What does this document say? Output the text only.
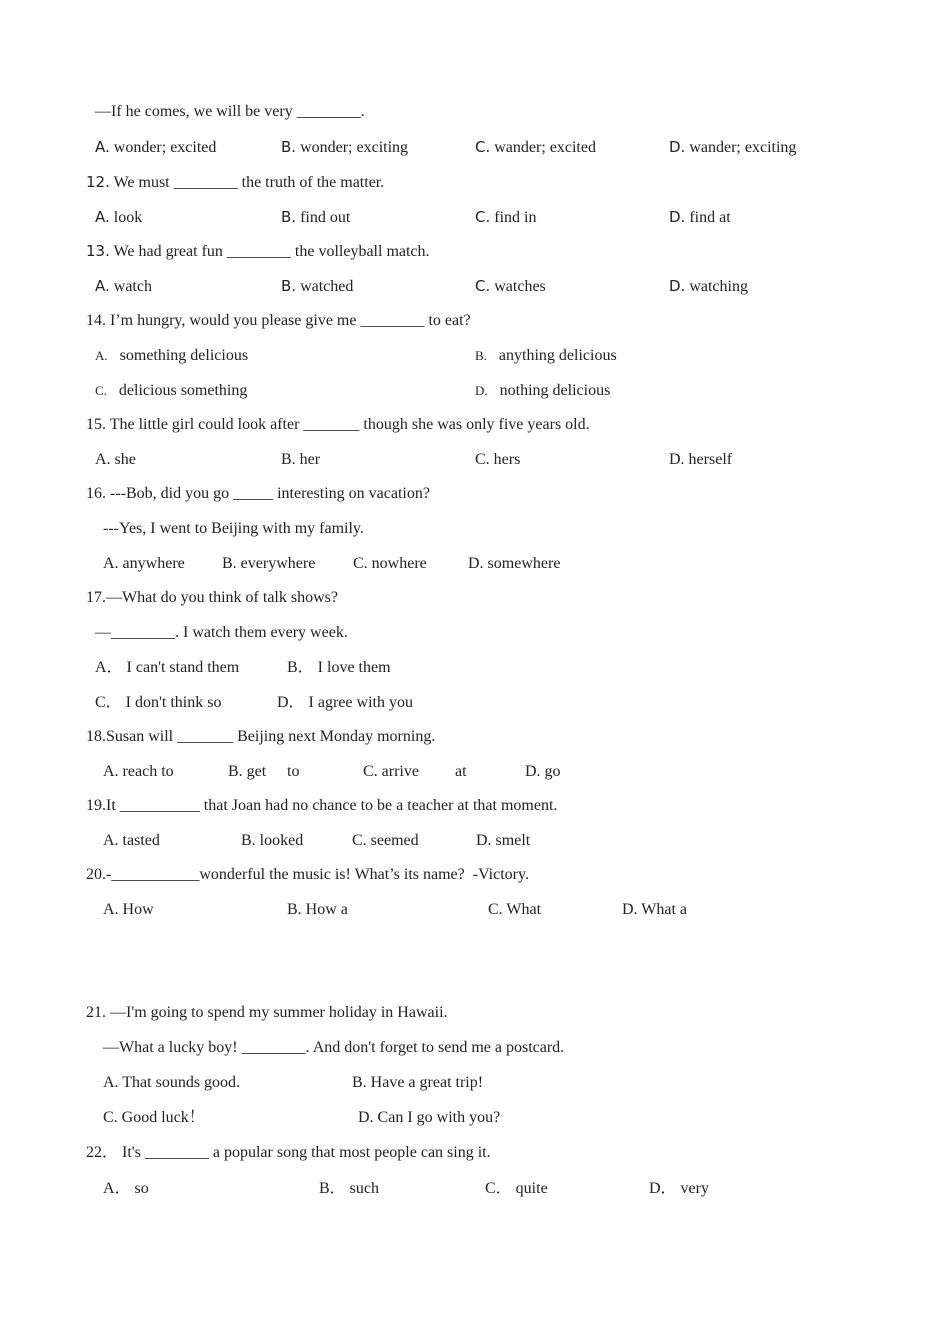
—If he comes, we will be very ________.
A. wonder; excited	B. wonder; exciting	C. wander; excited	D. wander; exciting
12. We must ________ the truth of the matter.
A. look	B. find out	C. find in	D. find at
13. We had great fun ________ the volleyball match.
A. watch	B. watched	C. watches	D. watching
14. I’m hungry, would you please give me ________ to eat?
A. something delicious	B. anything delicious
C. delicious something	D. nothing delicious
15. The little girl could look after _______ though she was only five years old.
A. she	B. her	C. hers	D. herself
16. ---Bob, did you go _____ interesting on vacation?
---Yes, I went to Beijing with my family.
A. anywhere B. everywhere C. nowhere	D. somewhere
17.—What do you think of talk shows?
—________. I watch them every week.
A． I can't stand them	B． I love them
C． I don't think so	D． I agree with you
18.Susan will _______ Beijing next Monday morning.
A. reach to	B. get to	C. arrive at	D. go
19.It __________ that Joan had no chance to be a teacher at that moment.
A. tasted	B. looked	C. seemed	D. smelt
20.-___________wonderful the music is! What’s its name?  -Victory.
A. How	B. How a	C. What	D. What a
21. —I'm going to spend my summer holiday in Hawaii.
—What a lucky boy! ________. And don't forget to send me a postcard.
A. That sounds good.	B. Have a great trip!
C. Good luck！	D. Can I go with you?
22． It's ________ a popular song that most people can sing it.
A． so	B． such	C． quite	D． very
